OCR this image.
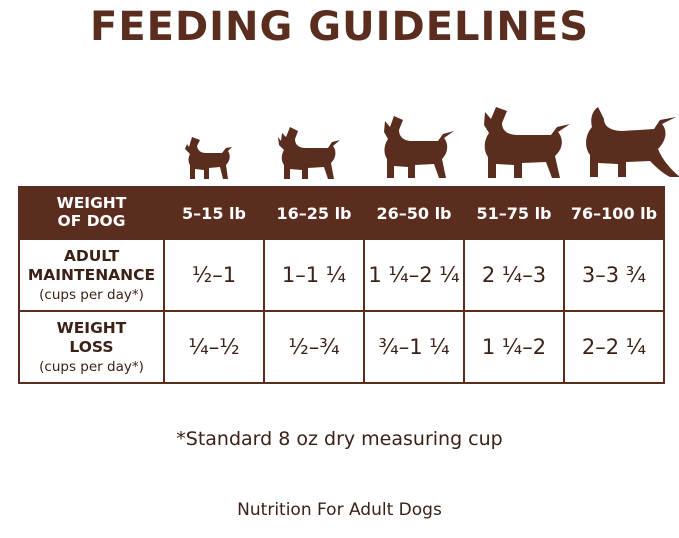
FEEDING GUIDELINES
WEIGHT
OF DOG	5–15 lb	16–25 lb	26–50 lb	51–75 lb	76–100 lb
ADULT
MAINTENANCE
(cups per day*)	½–1	1–1 ¼	1 ¼–2 ¼	2 ¼–3	3–3 ¾
WEIGHT
LOSS
(cups per day*)	¼–½	½–¾	¾–1 ¼	1 ¼–2	2–2 ¼
*Standard 8 oz dry measuring cup
Nutrition For Adult Dogs
